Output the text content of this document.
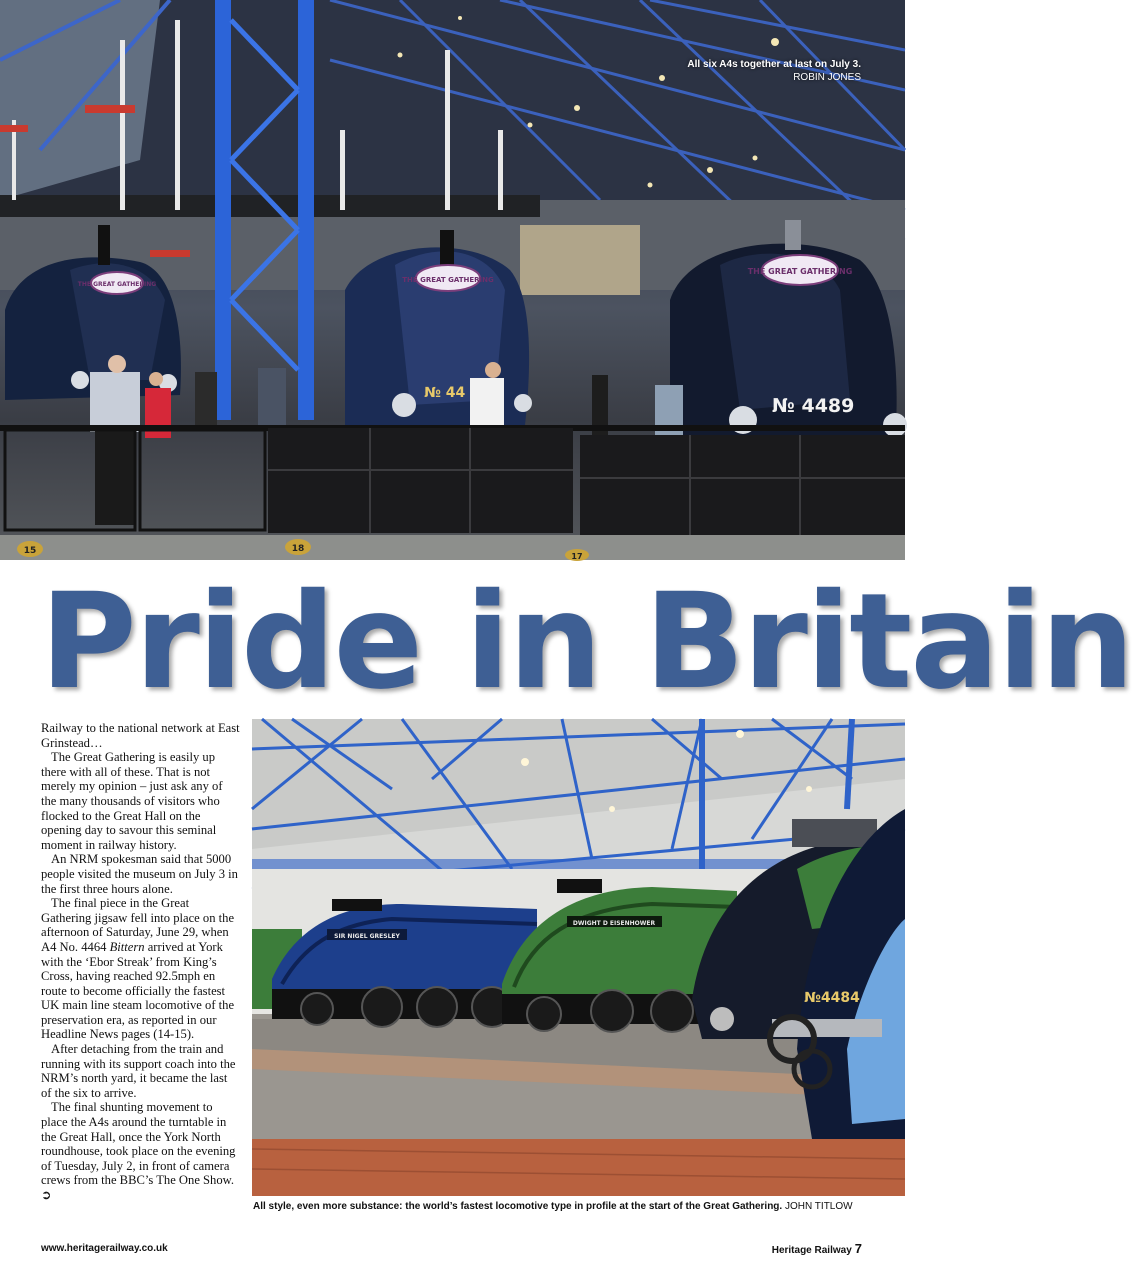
THE GREAT GATHERING
THE GREAT GATHERING
№ 44
THE GREAT GATHERING
№ 4489
15	18
17
All six A4s together at last on July 3.
ROBIN JONES
Pride in Britain

Railway to the national network at East Grinstead…

The Great Gathering is easily up there with all of these. That is not merely my opinion – just ask any of the many thousands of visitors who flocked to the Great Hall on the opening day to savour this seminal moment in railway history.

An NRM spokesman said that 5000 people visited the museum on July 3 in the first three hours alone.

The final piece in the Great Gathering jigsaw fell into place on the afternoon of Saturday, June 29, when A4 No. 4464 Bittern arrived at York with the ‘Ebor Streak’ from King’s Cross, having reached 92.5mph en route to become officially the fastest UK main line steam locomotive of the preservation era, as reported in our Headline News pages (14-15).

After detaching from the train and running with its support coach into the NRM’s north yard, it became the last of the six to arrive.

The final shunting movement to place the A4s around the turntable in the Great Hall, once the York North roundhouse, took place on the evening of Tuesday, July 2, in front of camera crews from the BBC’s The One Show. ➲

SIR NIGEL GRESLEY
DWIGHT D EISENHOWER
№4484
All style, even more substance: the world’s fastest locomotive type in profile at the start of the Great Gathering. JOHN TITLOW
www.heritagerailway.co.uk	Heritage Railway 7
